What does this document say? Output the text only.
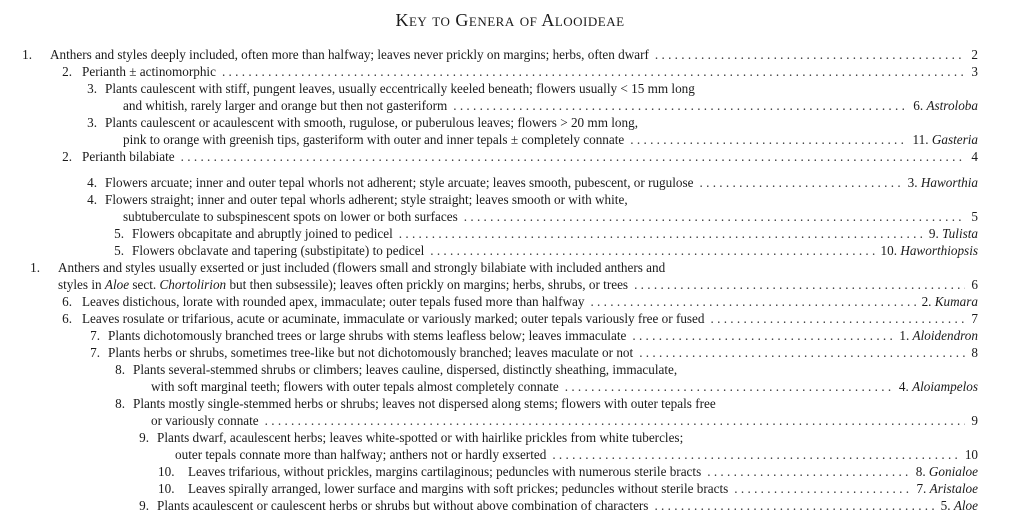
Key to Genera of Alooideae
1. Anthers and styles deeply included, often more than halfway; leaves never prickly on margins; herbs, often dwarf . . .	2
2. Perianth ± actinomorphic . . .	3
3. Plants caulescent with stiff, pungent leaves, usually eccentrically keeled beneath; flowers usually < 15 mm long
and whitish, rarely larger and orange but then not gasteriform . . .	6. Astroloba
3. Plants caulescent or acaulescent with smooth, rugulose, or puberulous leaves; flowers > 20 mm long,
pink to orange with greenish tips, gasteriform with outer and inner tepals ± completely connate . . .	11. Gasteria
2. Perianth bilabiate . . .	4
4. Flowers arcuate; inner and outer tepal whorls not adherent; style arcuate; leaves smooth, pubescent, or rugulose . . .	3. Haworthia
4. Flowers straight; inner and outer tepal whorls adherent; style straight; leaves smooth or with white,
subtuberculate to subspinescent spots on lower or both surfaces . . .	5
5. Flowers obcapitate and abruptly joined to pedicel . . .	9. Tulista
5. Flowers obclavate and tapering (substipitate) to pedicel . . .	10. Haworthiopsis
1. Anthers and styles usually exserted or just included (flowers small and strongly bilabiate with included anthers and
styles in Aloe sect. Chortolirion but then subsessile); leaves often prickly on margins; herbs, shrubs, or trees . . .	6
6. Leaves distichous, lorate with rounded apex, immaculate; outer tepals fused more than halfway . . .	2. Kumara
6. Leaves rosulate or trifarious, acute or acuminate, immaculate or variously marked; outer tepals variously free or fused . . .	7
7. Plants dichotomously branched trees or large shrubs with stems leafless below; leaves immaculate . . .	1. Aloidendron
7. Plants herbs or shrubs, sometimes tree-like but not dichotomously branched; leaves maculate or not . . .	8
8. Plants several-stemmed shrubs or climbers; leaves cauline, dispersed, distinctly sheathing, immaculate,
with soft marginal teeth; flowers with outer tepals almost completely connate . . .	4. Aloiampelos
8. Plants mostly single-stemmed herbs or shrubs; leaves not dispersed along stems; flowers with outer tepals free
or variously connate . . .	9
9. Plants dwarf, acaulescent herbs; leaves white-spotted or with hairlike prickles from white tubercles;
outer tepals connate more than halfway; anthers not or hardly exserted . . .	10
10. Leaves trifarious, without prickles, margins cartilaginous; peduncles with numerous sterile bracts . . .	8. Gonialoe
10. Leaves spirally arranged, lower surface and margins with soft prickes; peduncles without sterile bracts . . .	7. Aristaloe
9. Plants acaulescent or caulescent herbs or shrubs but without above combination of characters . . .	5. Aloe
